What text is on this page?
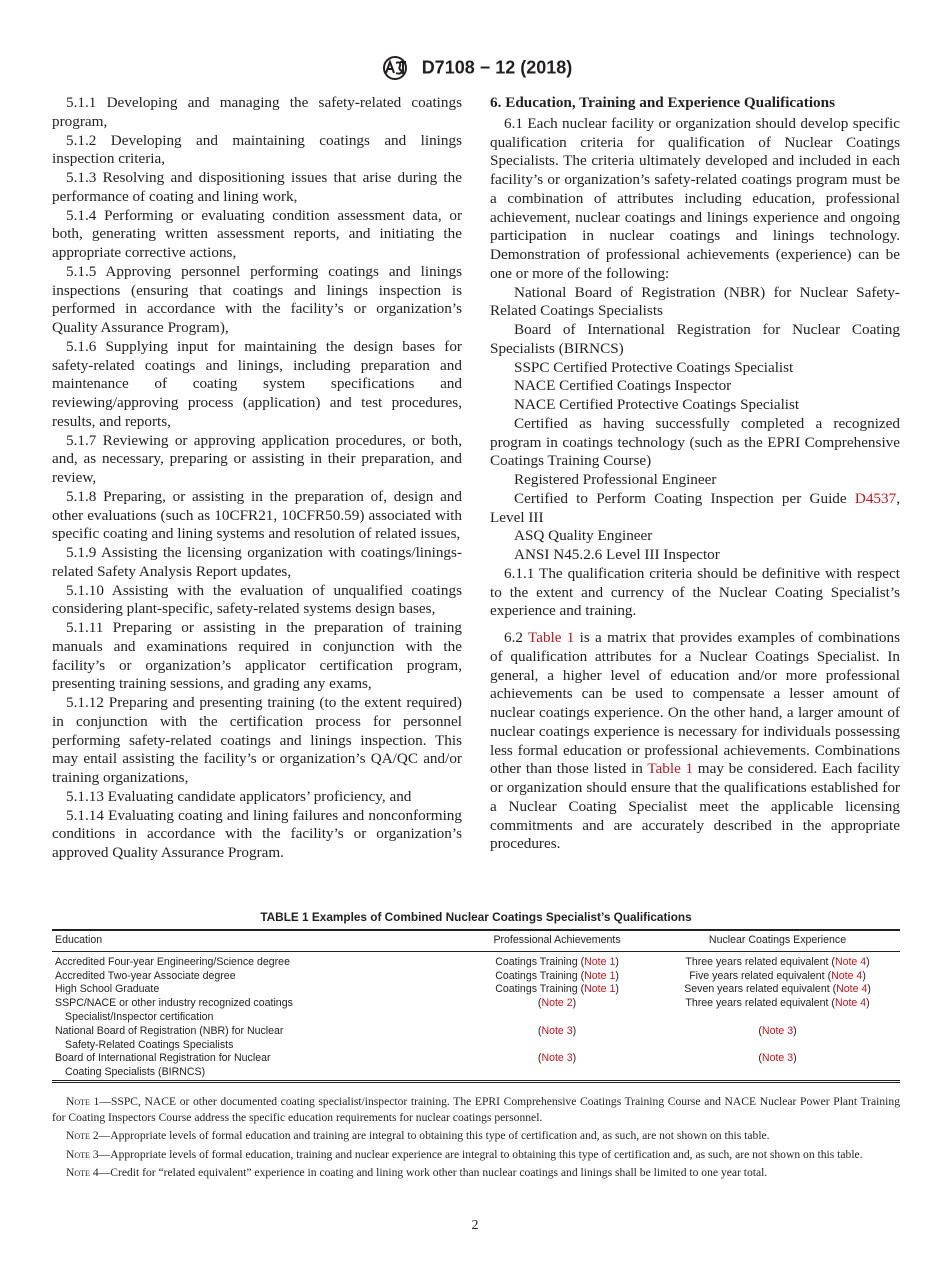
D7108 − 12 (2018)

5.1.1 Developing and managing the safety-related coatings program,

5.1.2 Developing and maintaining coatings and linings inspection criteria,

5.1.3 Resolving and dispositioning issues that arise during the performance of coating and lining work,

5.1.4 Performing or evaluating condition assessment data, or both, generating written assessment reports, and initiating the appropriate corrective actions,

5.1.5 Approving personnel performing coatings and linings inspections (ensuring that coatings and linings inspection is performed in accordance with the facility’s or organization’s Quality Assurance Program),

5.1.6 Supplying input for maintaining the design bases for safety-related coatings and linings, including preparation and maintenance of coating system specifications and reviewing/approving process (application) and test procedures, results, and reports,

5.1.7 Reviewing or approving application procedures, or both, and, as necessary, preparing or assisting in their preparation, and review,

5.1.8 Preparing, or assisting in the preparation of, design and other evaluations (such as 10CFR21, 10CFR50.59) associated with specific coating and lining systems and resolution of related issues,

5.1.9 Assisting the licensing organization with coatings/linings-related Safety Analysis Report updates,

5.1.10 Assisting with the evaluation of unqualified coatings considering plant-specific, safety-related systems design bases,

5.1.11 Preparing or assisting in the preparation of training manuals and examinations required in conjunction with the facility’s or organization’s applicator certification program, presenting training sessions, and grading any exams,

5.1.12 Preparing and presenting training (to the extent required) in conjunction with the certification process for personnel performing safety-related coatings and linings inspection. This may entail assisting the facility’s or organization’s QA/QC and/or training organizations,

5.1.13 Evaluating candidate applicators’ proficiency, and

5.1.14 Evaluating coating and lining failures and nonconforming conditions in accordance with the facility’s or organization’s approved Quality Assurance Program.

6. Education, Training and Experience Qualifications

6.1 Each nuclear facility or organization should develop specific qualification criteria for qualification of Nuclear Coatings Specialists. The criteria ultimately developed and included in each facility’s or organization’s safety-related coatings program must be a combination of attributes including education, professional achievement, nuclear coatings and linings experience and ongoing participation in nuclear coatings and linings technology. Demonstration of professional achievements (experience) can be one or more of the following:

National Board of Registration (NBR) for Nuclear Safety-Related Coatings Specialists

Board of International Registration for Nuclear Coating Specialists (BIRNCS)

SSPC Certified Protective Coatings Specialist

NACE Certified Coatings Inspector

NACE Certified Protective Coatings Specialist

Certified as having successfully completed a recognized program in coatings technology (such as the EPRI Comprehensive Coatings Training Course)

Registered Professional Engineer

Certified to Perform Coating Inspection per Guide D4537, Level III

ASQ Quality Engineer

ANSI N45.2.6 Level III Inspector

6.1.1 The qualification criteria should be definitive with respect to the extent and currency of the Nuclear Coating Specialist’s experience and training.

6.2 Table 1 is a matrix that provides examples of combinations of qualification attributes for a Nuclear Coatings Specialist. In general, a higher level of education and/or more professional achievements can be used to compensate a lesser amount of nuclear coatings experience. On the other hand, a larger amount of nuclear coatings experience is necessary for individuals possessing less formal education or professional achievements. Combinations other than those listed in Table 1 may be considered. Each facility or organization should ensure that the qualifications established for a Nuclear Coating Specialist meet the applicable licensing commitments and are accurately described in the appropriate procedures.

TABLE 1 Examples of Combined Nuclear Coatings Specialist’s Qualifications
Education	Professional Achievements	Nuclear Coatings Experience
Accredited Four-year Engineering/Science degree	Coatings Training (Note 1)	Three years related equivalent (Note 4)
Accredited Two-year Associate degree	Coatings Training (Note 1)	Five years related equivalent (Note 4)
High School Graduate	Coatings Training (Note 1)	Seven years related equivalent (Note 4)
SSPC/NACE or other industry recognized coatings
Specialist/Inspector certification	(Note 2)	Three years related equivalent (Note 4)
National Board of Registration (NBR) for Nuclear
Safety-Related Coatings Specialists	(Note 3)	(Note 3)
Board of International Registration for Nuclear
Coating Specialists (BIRNCS)	(Note 3)	(Note 3)

Note 1—SSPC, NACE or other documented coating specialist/inspector training. The EPRI Comprehensive Coatings Training Course and NACE Nuclear Power Plant Training for Coating Inspectors Course address the specific education requirements for nuclear coatings personnel.

Note 2—Appropriate levels of formal education and training are integral to obtaining this type of certification and, as such, are not shown on this table.

Note 3—Appropriate levels of formal education, training and nuclear experience are integral to obtaining this type of certification and, as such, are not shown on this table.

Note 4—Credit for “related equivalent” experience in coating and lining work other than nuclear coatings and linings shall be limited to one year total.

2
